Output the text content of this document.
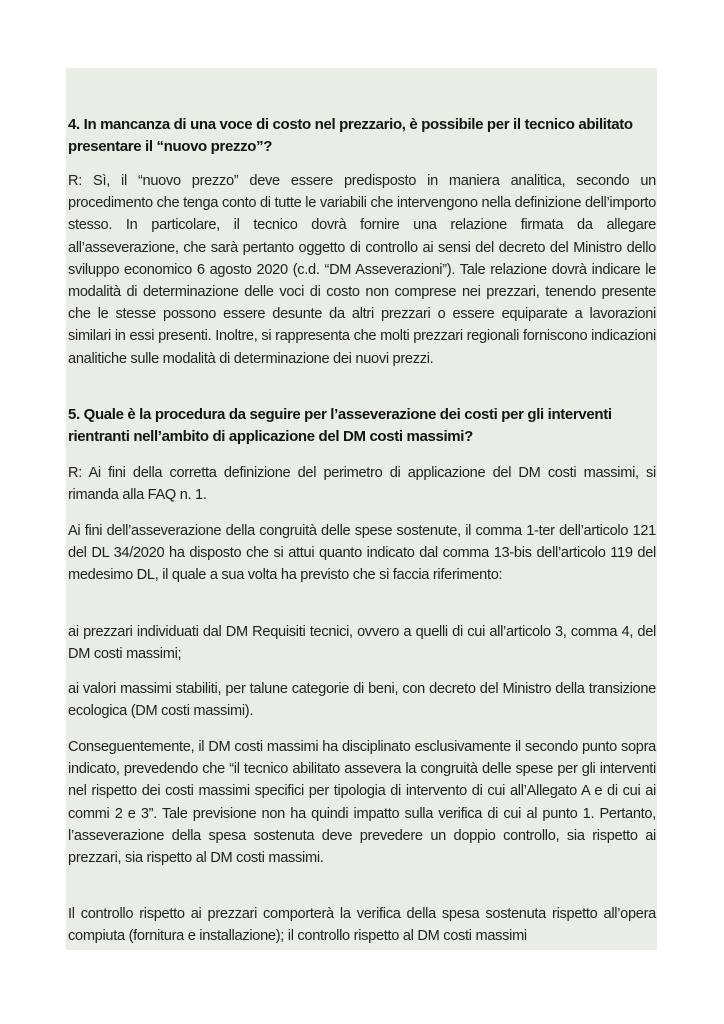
4. In mancanza di una voce di costo nel prezzario, è possibile per il tecnico abilitato presentare il “nuovo prezzo”?

R: Sì, il “nuovo prezzo” deve essere predisposto in maniera analitica, secondo un procedimento che tenga conto di tutte le variabili che intervengono nella definizione dell’importo stesso. In particolare, il tecnico dovrà fornire una relazione firmata da allegare all’asseverazione, che sarà pertanto oggetto di controllo ai sensi del decreto del Ministro dello sviluppo economico 6 agosto 2020 (c.d. “DM Asseverazioni”). Tale relazione dovrà indicare le modalità di determinazione delle voci di costo non comprese nei prezzari, tenendo presente che le stesse possono essere desunte da altri prezzari o essere equiparate a lavorazioni similari in essi presenti. Inoltre, si rappresenta che molti prezzari regionali forniscono indicazioni analitiche sulle modalità di determinazione dei nuovi prezzi.

5. Quale è la procedura da seguire per l’asseverazione dei costi per gli interventi rientranti nell’ambito di applicazione del DM costi massimi?

R: Ai fini della corretta definizione del perimetro di applicazione del DM costi massimi, si rimanda alla FAQ n. 1.

Ai fini dell’asseverazione della congruità delle spese sostenute, il comma 1-ter dell’articolo 121 del DL 34/2020 ha disposto che si attui quanto indicato dal comma 13-bis dell’articolo 119 del medesimo DL, il quale a sua volta ha previsto che si faccia riferimento:

ai prezzari individuati dal DM Requisiti tecnici, ovvero a quelli di cui all’articolo 3, comma 4, del DM costi massimi;

ai valori massimi stabiliti, per talune categorie di beni, con decreto del Ministro della transizione ecologica (DM costi massimi).

Conseguentemente, il DM costi massimi ha disciplinato esclusivamente il secondo punto sopra indicato, prevedendo che “il tecnico abilitato assevera la congruità delle spese per gli interventi nel rispetto dei costi massimi specifici per tipologia di intervento di cui all’Allegato A e di cui ai commi 2 e 3”. Tale previsione non ha quindi impatto sulla verifica di cui al punto 1. Pertanto, l’asseverazione della spesa sostenuta deve prevedere un doppio controllo, sia rispetto ai prezzari, sia rispetto al DM costi massimi.

Il controllo rispetto ai prezzari comporterà la verifica della spesa sostenuta rispetto all’opera compiuta (fornitura e installazione); il controllo rispetto al DM costi massimi
